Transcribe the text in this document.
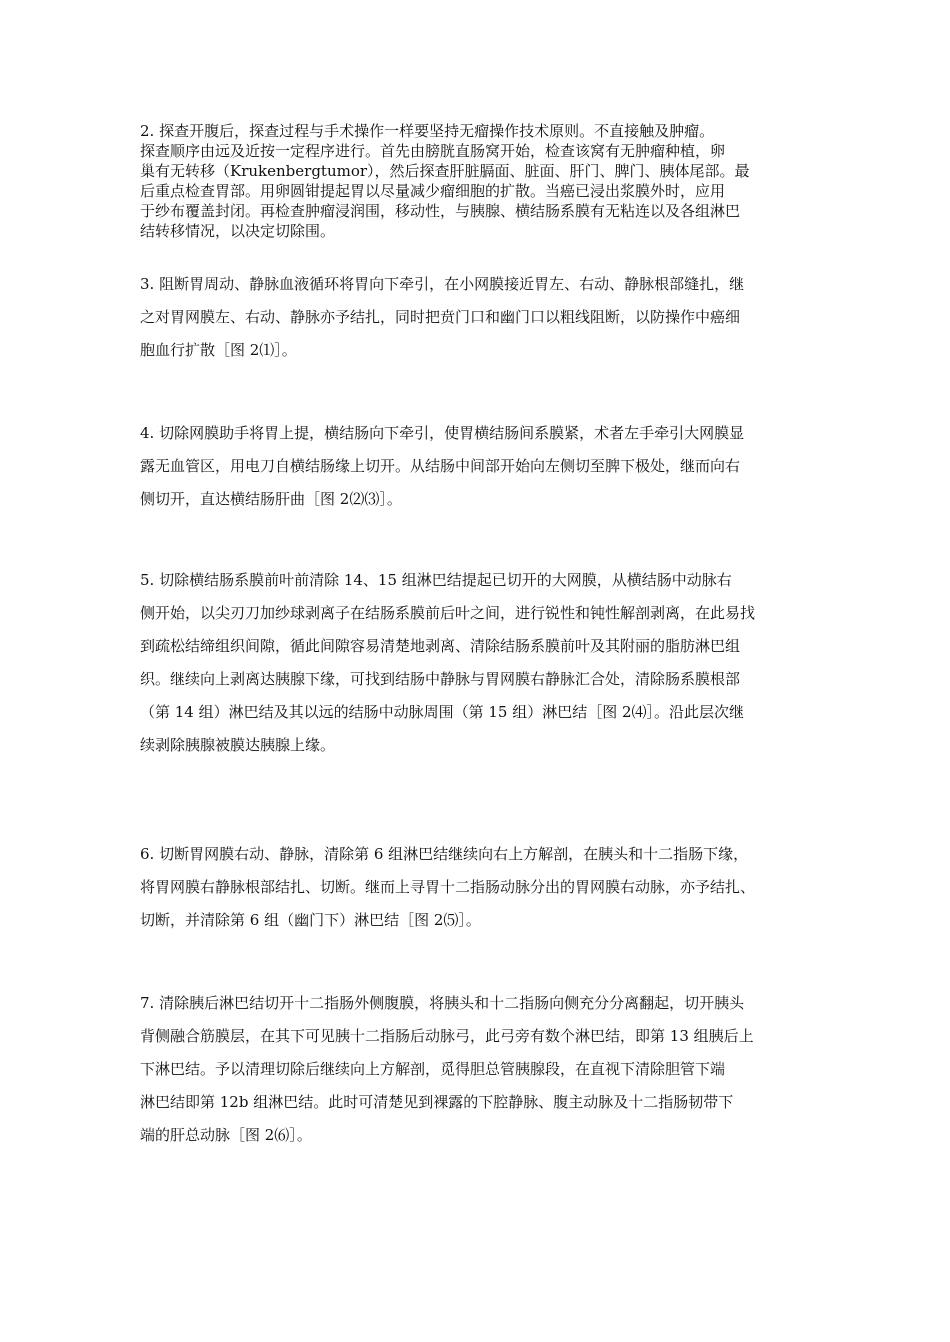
2. 探查开腹后，探查过程与手术操作一样要坚持无瘤操作技术原则。不直接触及肿瘤。
探查顺序由远及近按一定程序进行。首先由膀胱直肠窝开始，检查该窝有无肿瘤种植，卵
巢有无转移（Krukenbergtumor），然后探查肝脏膈面、脏面、肝门、脾门、胰体尾部。最
后重点检查胃部。用卵圆钳提起胃以尽量减少瘤细胞的扩散。当癌已浸出浆膜外时，应用
于纱布覆盖封闭。再检查肿瘤浸润围，移动性，与胰腺、横结肠系膜有无粘连以及各组淋巴
结转移情况，以决定切除围。
3. 阻断胃周动、静脉血液循环将胃向下牵引，在小网膜接近胃左、右动、静脉根部缝扎，继
之对胃网膜左、右动、静脉亦予结扎，同时把贲门口和幽门口以粗线阻断，以防操作中癌细
胞血行扩散［图 2⑴］。
4. 切除网膜助手将胃上提，横结肠向下牵引，使胃横结肠间系膜紧，术者左手牵引大网膜显
露无血管区，用电刀自横结肠缘上切开。从结肠中间部开始向左侧切至脾下极处，继而向右
侧切开，直达横结肠肝曲［图 2⑵⑶］。
5. 切除横结肠系膜前叶前清除 14、15 组淋巴结提起已切开的大网膜，从横结肠中动脉右
侧开始，以尖刃刀加纱球剥离子在结肠系膜前后叶之间，进行锐性和钝性解剖剥离，在此易找
到疏松结缔组织间隙，循此间隙容易清楚地剥离、清除结肠系膜前叶及其附丽的脂肪淋巴组
织。继续向上剥离达胰腺下缘，可找到结肠中静脉与胃网膜右静脉汇合处，清除肠系膜根部
（第 14 组）淋巴结及其以远的结肠中动脉周围（第 15 组）淋巴结［图 2⑷］。沿此层次继
续剥除胰腺被膜达胰腺上缘。
6. 切断胃网膜右动、静脉，清除第 6 组淋巴结继续向右上方解剖，在胰头和十二指肠下缘，
将胃网膜右静脉根部结扎、切断。继而上寻胃十二指肠动脉分出的胃网膜右动脉，亦予结扎、
切断，并清除第 6 组（幽门下）淋巴结［图 2⑸］。
7. 清除胰后淋巴结切开十二指肠外侧腹膜，将胰头和十二指肠向侧充分分离翻起，切开胰头
背侧融合筋膜层，在其下可见胰十二指肠后动脉弓，此弓旁有数个淋巴结，即第 13 组胰后上
下淋巴结。予以清理切除后继续向上方解剖，觅得胆总管胰腺段，在直视下清除胆管下端
淋巴结即第 12b 组淋巴结。此时可清楚见到裸露的下腔静脉、腹主动脉及十二指肠韧带下
端的肝总动脉［图 2⑹］。
